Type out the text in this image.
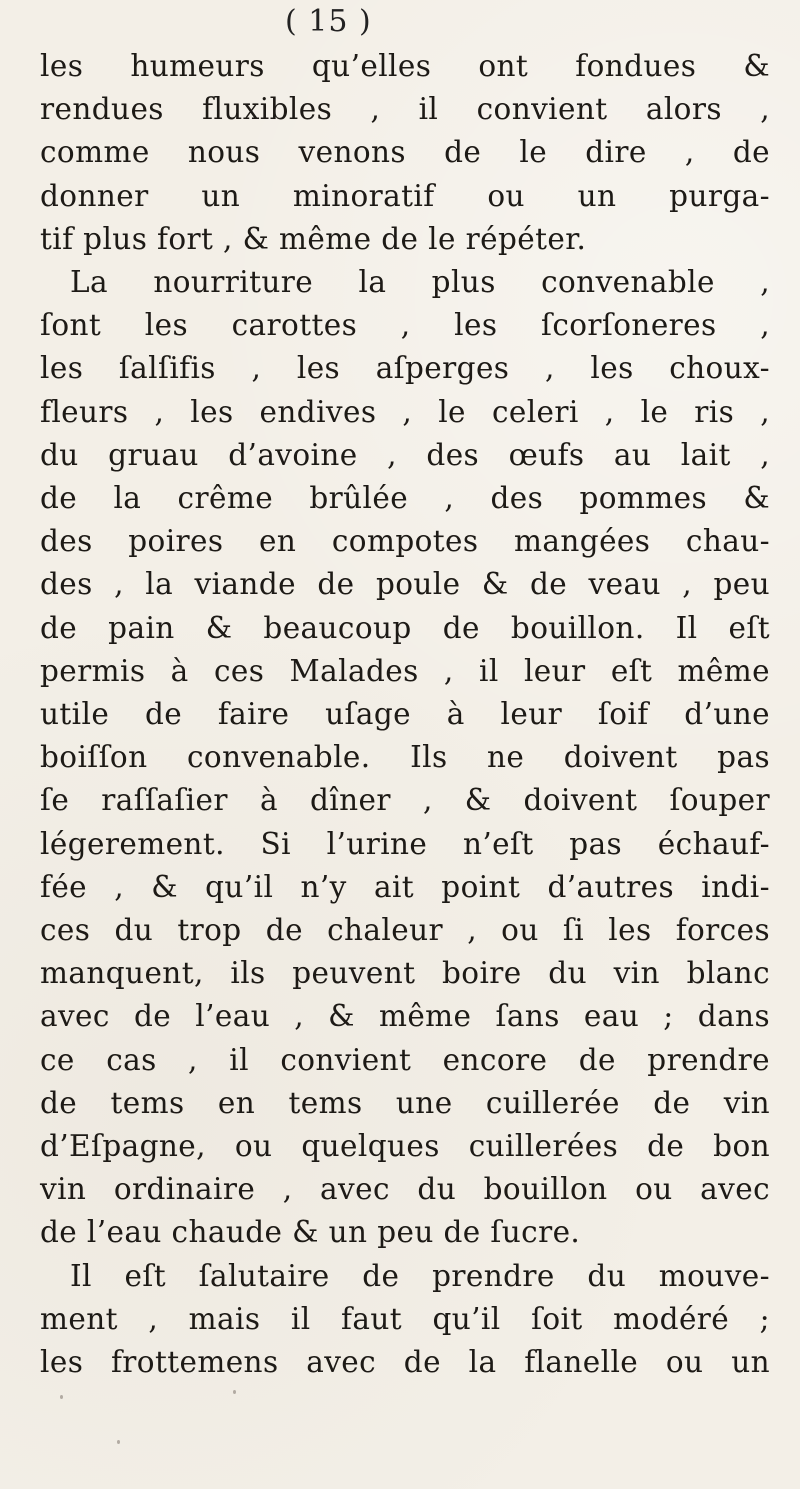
( 15 )
les humeurs qu’elles ont fondues &
rendues fluxibles , il convient alors ,
comme nous venons de le dire , de
donner un minoratif ou un purga-
tif plus fort , & même de le répéter.
La nourriture la plus convenable ,
ſont les carottes , les ſcorſoneres ,
les ſalſifis , les aſperges , les choux-
fleurs , les endives , le celeri , le ris ,
du gruau d’avoine , des œufs au lait ,
de la crême brûlée , des pommes &
des poires en compotes mangées chau-
des , la viande de poule & de veau , peu
de pain & beaucoup de bouillon. Il eſt
permis à ces Malades , il leur eſt même
utile de faire uſage à leur ſoif d’une
boiſſon convenable. Ils ne doivent pas
ſe raſſaſier à dîner , & doivent ſouper
légerement. Si l’urine n’eſt pas échauf-
fée , & qu’il n’y ait point d’autres indi-
ces du trop de chaleur , ou ſi les forces
manquent, ils peuvent boire du vin blanc
avec de l’eau , & même ſans eau ; dans
ce cas , il convient encore de prendre
de tems en tems une cuillerée de vin
d’Eſpagne, ou quelques cuillerées de bon
vin ordinaire , avec du bouillon ou avec
de l’eau chaude & un peu de ſucre.
Il eſt ſalutaire de prendre du mouve-
ment , mais il faut qu’il ſoit modéré ;
les frottemens avec de la flanelle ou un
